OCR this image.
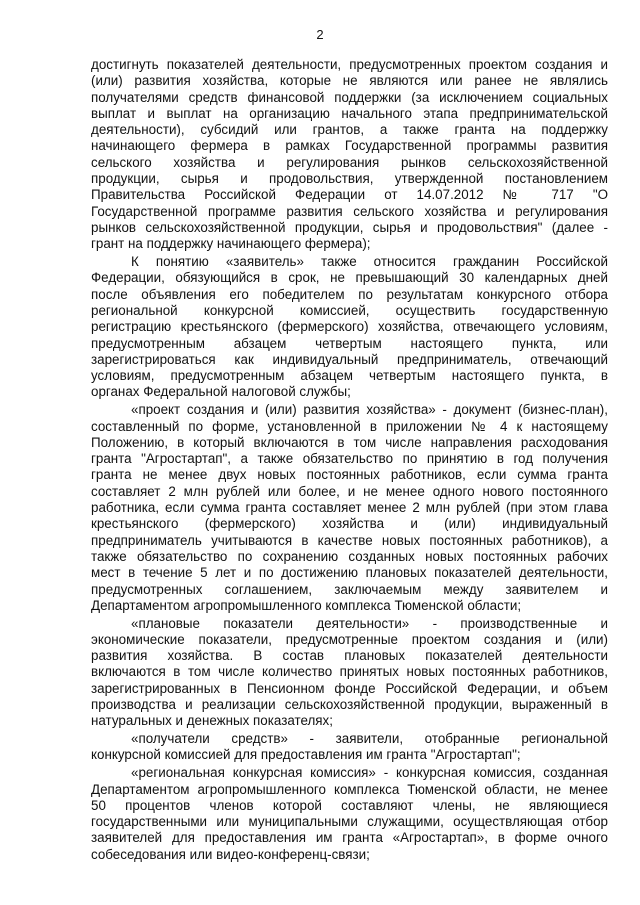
2
достигнуть показателей деятельности, предусмотренных проектом создания и
(или) развития хозяйства, которые не являются или ранее не являлись
получателями средств финансовой поддержки (за исключением социальных
выплат и выплат на организацию начального этапа предпринимательской
деятельности), субсидий или грантов, а также гранта на поддержку
начинающего фермера в рамках Государственной программы развития
сельского хозяйства и регулирования рынков сельскохозяйственной
продукции, сырья и продовольствия, утвержденной постановлением
Правительства Российской Федерации от 14.07.2012 № 717 "О
Государственной программе развития сельского хозяйства и регулирования
рынков сельскохозяйственной продукции, сырья и продовольствия" (далее -
грант на поддержку начинающего фермера);
К понятию «заявитель» также относится гражданин Российской
Федерации, обязующийся в срок, не превышающий 30 календарных дней
после объявления его победителем по результатам конкурсного отбора
региональной конкурсной комиссией, осуществить государственную
регистрацию крестьянского (фермерского) хозяйства, отвечающего условиям,
предусмотренным абзацем четвертым настоящего пункта, или
зарегистрироваться как индивидуальный предприниматель, отвечающий
условиям, предусмотренным абзацем четвертым настоящего пункта, в
органах Федеральной налоговой службы;
«проект создания и (или) развития хозяйства» - документ (бизнес-план),
составленный по форме, установленной в приложении № 4 к настоящему
Положению, в который включаются в том числе направления расходования
гранта "Агростартап", а также обязательство по принятию в год получения
гранта не менее двух новых постоянных работников, если сумма гранта
составляет 2 млн рублей или более, и не менее одного нового постоянного
работника, если сумма гранта составляет менее 2 млн рублей (при этом глава
крестьянского (фермерского) хозяйства и (или) индивидуальный
предприниматель учитываются в качестве новых постоянных работников), а
также обязательство по сохранению созданных новых постоянных рабочих
мест в течение 5 лет и по достижению плановых показателей деятельности,
предусмотренных соглашением, заключаемым между заявителем и
Департаментом агропромышленного комплекса Тюменской области;
«плановые показатели деятельности» - производственные и
экономические показатели, предусмотренные проектом создания и (или)
развития хозяйства. В состав плановых показателей деятельности
включаются в том числе количество принятых новых постоянных работников,
зарегистрированных в Пенсионном фонде Российской Федерации, и объем
производства и реализации сельскохозяйственной продукции, выраженный в
натуральных и денежных показателях;
«получатели средств» - заявители, отобранные региональной
конкурсной комиссией для предоставления им гранта "Агростартап";
«региональная конкурсная комиссия» - конкурсная комиссия, созданная
Департаментом агропромышленного комплекса Тюменской области, не менее
50 процентов членов которой составляют члены, не являющиеся
государственными или муниципальными служащими, осуществляющая отбор
заявителей для предоставления им гранта «Агростартап», в форме очного
собеседования или видео-конференц-связи;
